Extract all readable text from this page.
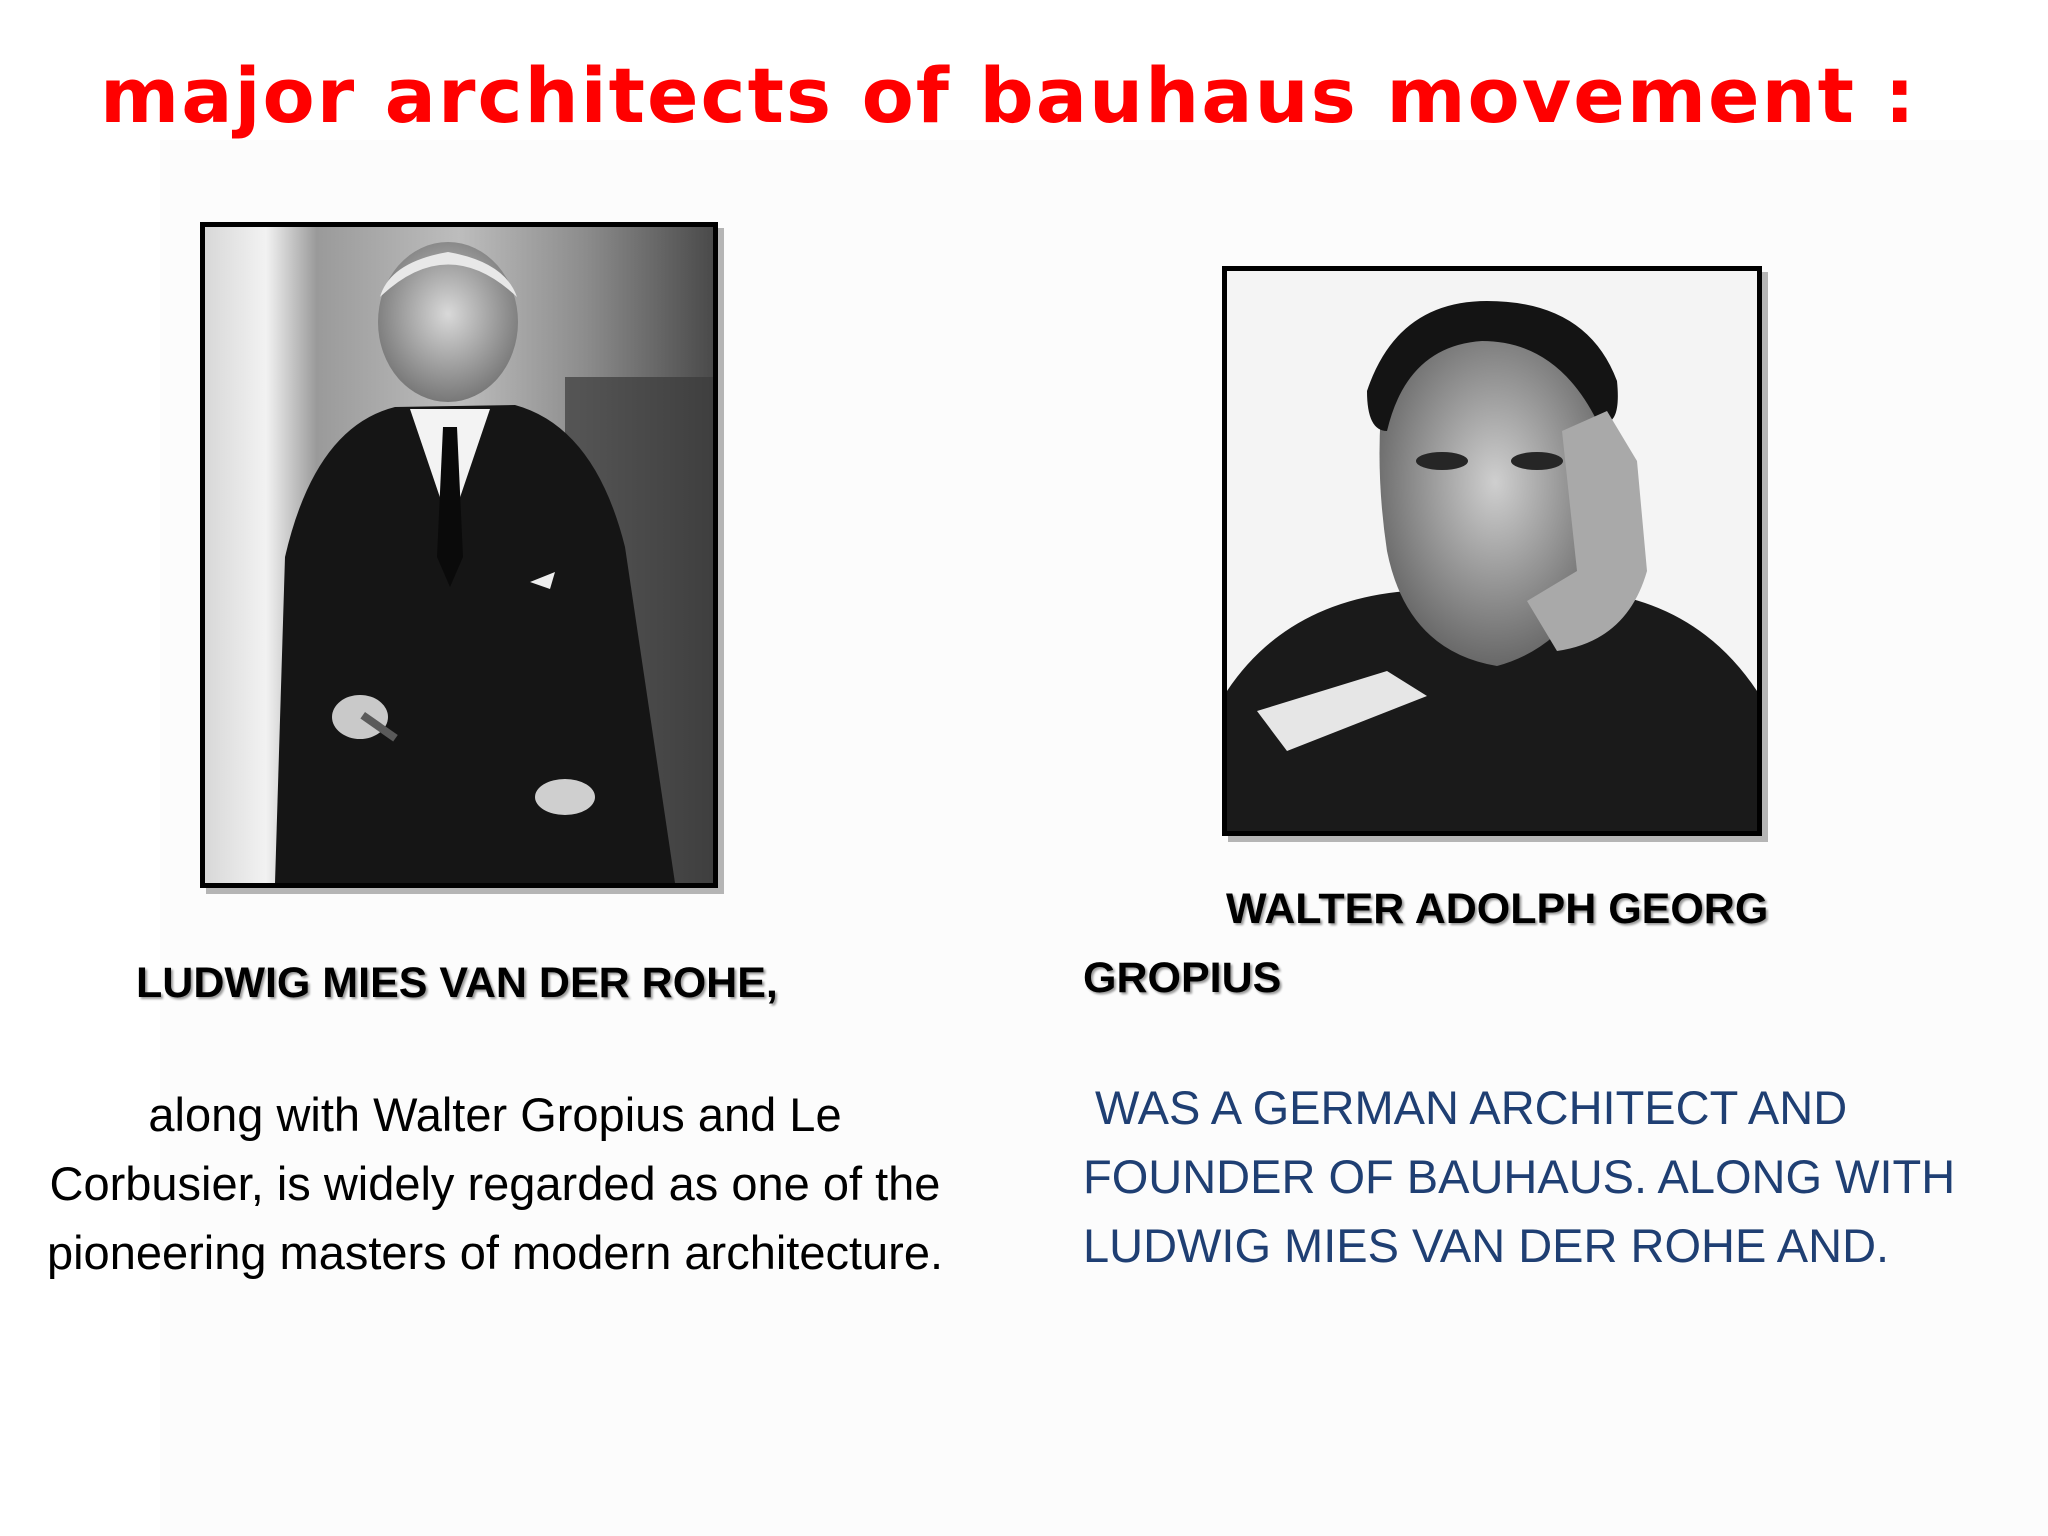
major architects of bauhaus movement :
LUDWIG MIES VAN DER ROHE,
along with Walter Gropius and Le Corbusier, is widely regarded as one of the pioneering masters of modern architecture.
WALTER ADOLPH GEORG
GROPIUS
WAS A GERMAN ARCHITECT AND
FOUNDER OF BAUHAUS. ALONG WITH
LUDWIG MIES VAN DER ROHE AND.
